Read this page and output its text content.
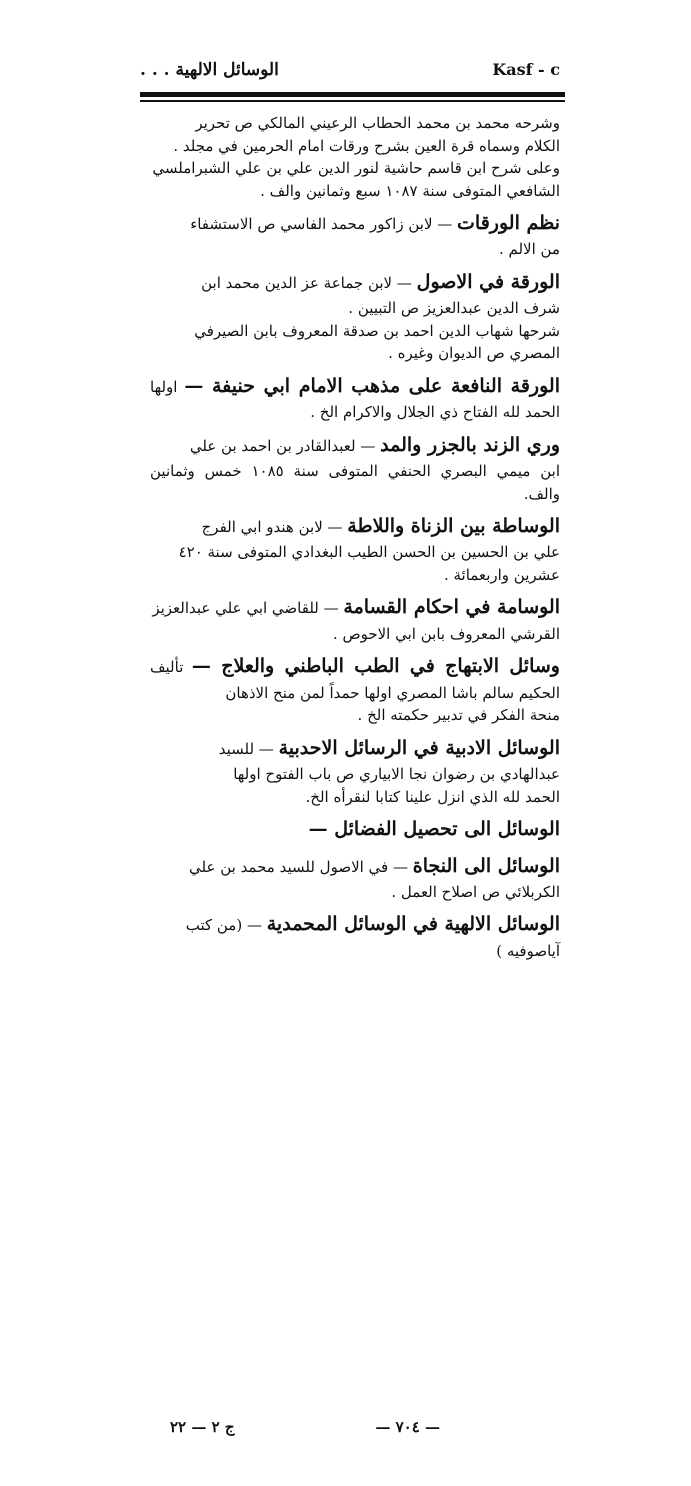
الوسائل الالهية . . .	Kasf - c
وشرحه محمد بن محمد الحطاب الرعيني المالكي ص تحرير
الكلام وسماه قرة العين بشرح ورقات امام الحرمين في مجلد .
وعلى شرح ابن قاسم حاشية لنور الدين علي بن علي الشبراملسي
الشافعي المتوفى سنة ١٠٨٧ سبع وثمانين والف .
نظم الورقات — لابن زاكور محمد الفاسي ص الاستشفاء
من الالم .
الورقة في الاصول — لابن جماعة عز الدين محمد ابن
شرف الدين عبدالعزيز ص التبيين .
شرحها شهاب الدين احمد بن صدقة المعروف بابن الصيرفي
المصري ص الديوان وغيره .
الورقة النافعة على مذهب الامام ابي حنيفة — اولها الحمد لله الفتاح ذي الجلال والاكرام الخ .
وري الزند بالجزر والمد — لعبدالقادر بن احمد بن علي
ابن ميمي البصري الحنفي المتوفى سنة ١٠٨٥ خمس وثمانين والف.
الوساطة بين الزناة واللاطة — لابن هندو ابي الفرج
علي بن الحسين بن الحسن الطيب البغدادي المتوفى سنة ٤٢٠
عشرين واربعمائة .
الوسامة في احكام القسامة — للقاضي ابي علي عبدالعزيز
القرشي المعروف بابن ابي الاحوص .
وسائل الابتهاج في الطب الباطني والعلاج — تأليف الحكيم سالم باشا المصري اولها حمداً لمن منح الاذهان
منحة الفكر في تدبير حكمته الخ .
الوسائل الادبية في الرسائل الاحدبية — للسيد
عبدالهادي بن رضوان نجا الابياري ص باب الفتوح اولها
الحمد لله الذي انزل علينا كتابا لنقرأه الخ.
الوسائل الى تحصيل الفضائل —
الوسائل الى النجاة — في الاصول للسيد محمد بن علي
الكربلائي ص اصلاح العمل .
الوسائل الالهية في الوسائل المحمدية — (من كتب
آياصوفيه )
— ٧٠٤ —
ج ٢ — ٢٢
